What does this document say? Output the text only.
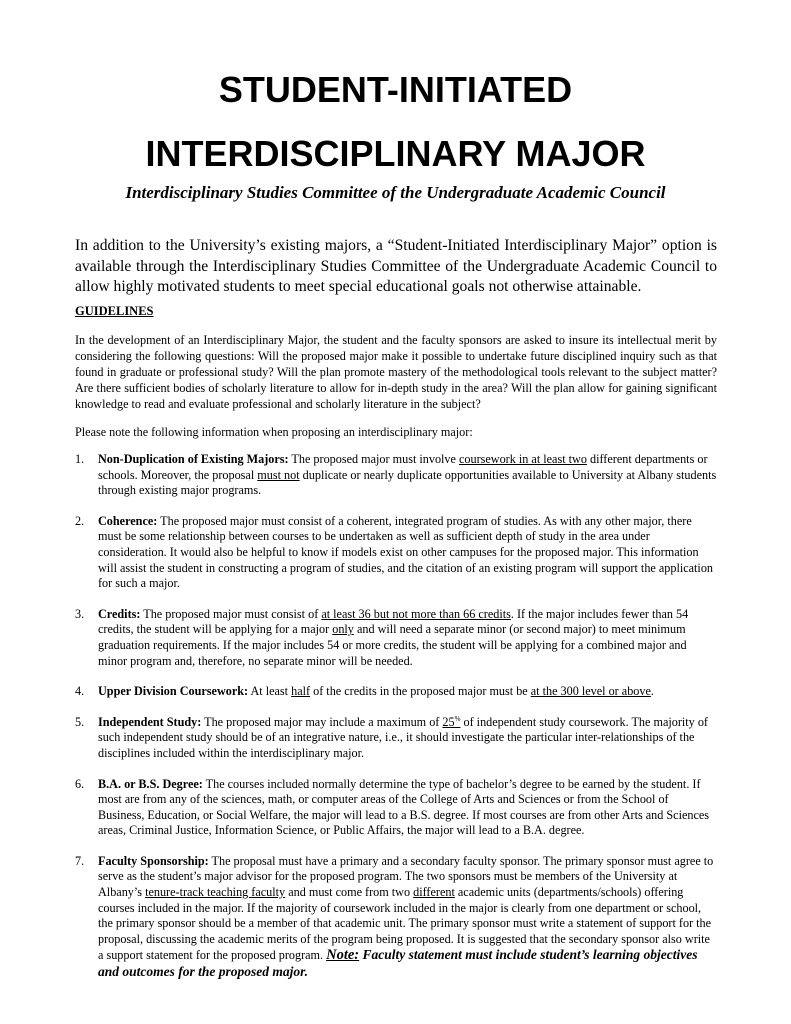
STUDENT-INITIATED
INTERDISCIPLINARY MAJOR

Interdisciplinary Studies Committee of the Undergraduate Academic Council

In addition to the University’s existing majors, a “Student-Initiated Interdisciplinary Major” option is available through the Interdisciplinary Studies Committee of the Undergraduate Academic Council to allow highly motivated students to meet special educational goals not otherwise attainable.

GUIDELINES

In the development of an Interdisciplinary Major, the student and the faculty sponsors are asked to insure its intellectual merit by considering the following questions: Will the proposed major make it possible to undertake future disciplined inquiry such as that found in graduate or professional study? Will the plan promote mastery of the methodological tools relevant to the subject matter? Are there sufficient bodies of scholarly literature to allow for in-depth study in the area? Will the plan allow for gaining significant knowledge to read and evaluate professional and scholarly literature in the subject?

Please note the following information when proposing an interdisciplinary major:

1.	Non-Duplication of Existing Majors: The proposed major must involve coursework in at least two different departments or schools. Moreover, the proposal must not duplicate or nearly duplicate opportunities available to University at Albany students through existing major programs.
2.	Coherence: The proposed major must consist of a coherent, integrated program of studies. As with any other major, there must be some relationship between courses to be undertaken as well as sufficient depth of study in the area under consideration. It would also be helpful to know if models exist on other campuses for the proposed major. This information will assist the student in constructing a program of studies, and the citation of an existing program will support the application for such a major.
3.	Credits: The proposed major must consist of at least 36 but not more than 66 credits. If the major includes fewer than 54 credits, the student will be applying for a major only and will need a separate minor (or second major) to meet minimum graduation requirements. If the major includes 54 or more credits, the student will be applying for a combined major and minor program and, therefore, no separate minor will be needed.
4.	Upper Division Coursework: At least half of the credits in the proposed major must be at the 300 level or above.
5.	Independent Study: The proposed major may include a maximum of 25% of independent study coursework. The majority of such independent study should be of an integrative nature, i.e., it should investigate the particular inter-relationships of the disciplines included within the interdisciplinary major.
6.	B.A. or B.S. Degree: The courses included normally determine the type of bachelor’s degree to be earned by the student. If most are from any of the sciences, math, or computer areas of the College of Arts and Sciences or from the School of Business, Education, or Social Welfare, the major will lead to a B.S. degree. If most courses are from other Arts and Sciences areas, Criminal Justice, Information Science, or Public Affairs, the major will lead to a B.A. degree.
7.	Faculty Sponsorship: The proposal must have a primary and a secondary faculty sponsor. The primary sponsor must agree to serve as the student’s major advisor for the proposed program. The two sponsors must be members of the University at Albany’s tenure-track teaching faculty and must come from two different academic units (departments/schools) offering courses included in the major. If the majority of coursework included in the major is clearly from one department or school, the primary sponsor should be a member of that academic unit. The primary sponsor must write a statement of support for the proposal, discussing the academic merits of the program being proposed. It is suggested that the secondary sponsor also write a support statement for the proposed program. Note: Faculty statement must include student’s learning objectives and outcomes for the proposed major.
